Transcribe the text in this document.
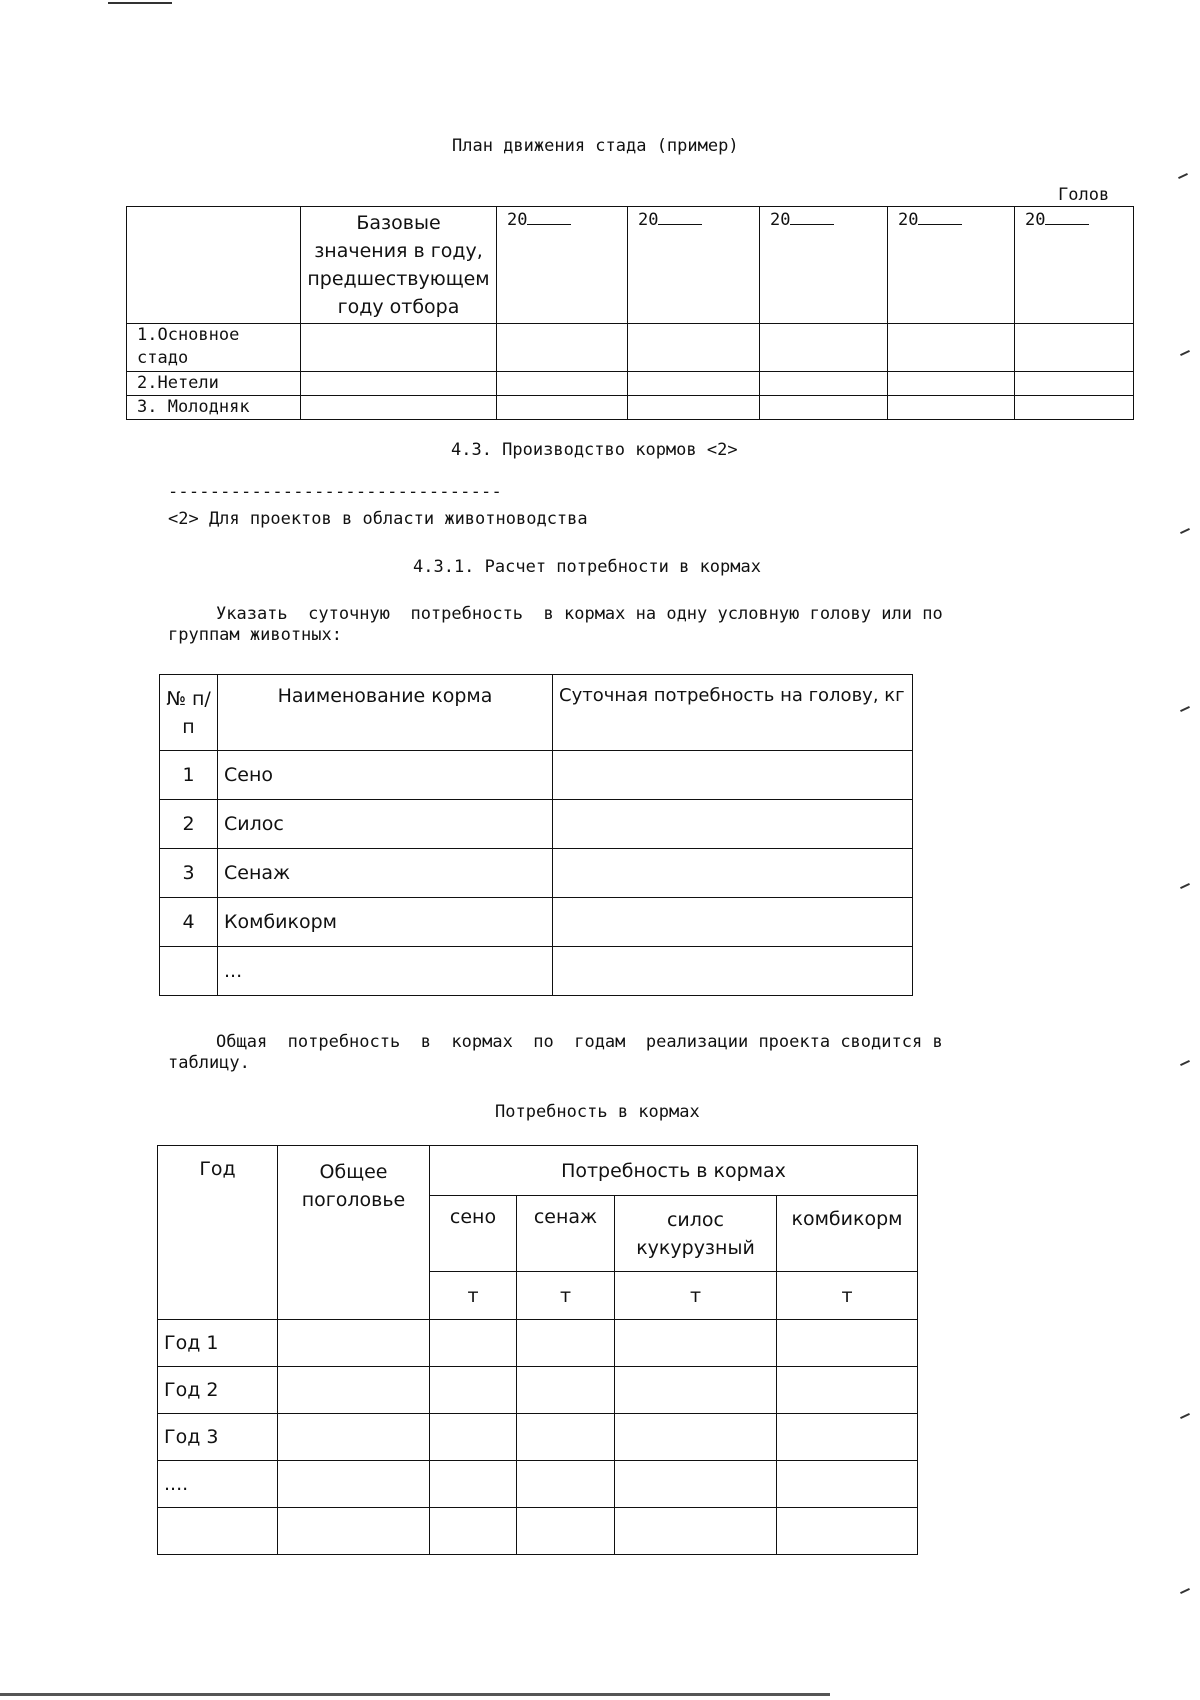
План движения стада (пример)
Голов
	Базовые значения в году, предшествующем году отбора	20	20	20	20	20
1.Основное стадо						
2.Нетели						
3. Молодняк						
4.3. Производство кормов <2>
--------------------------------
<2> Для проектов в области животноводства
4.3.1. Расчет потребности в кормах
Указать  суточную  потребность  в кормах на одну условную голову или по
группам животных:
№ п/п	Наименование корма	Суточная потребность на голову, кг
1	Сено	
2	Силос	
3	Сенаж	
4	Комбикорм	
	...	
Общая  потребность  в  кормах  по  годам  реализации проекта сводится в
таблицу.
Потребность в кормах
Год	Общее поголовье	Потребность в кормах			
		сено	сенаж	силос кукурузный	комбикорм
		т	т	т	т
Год 1					
Год 2					
Год 3					
....					
